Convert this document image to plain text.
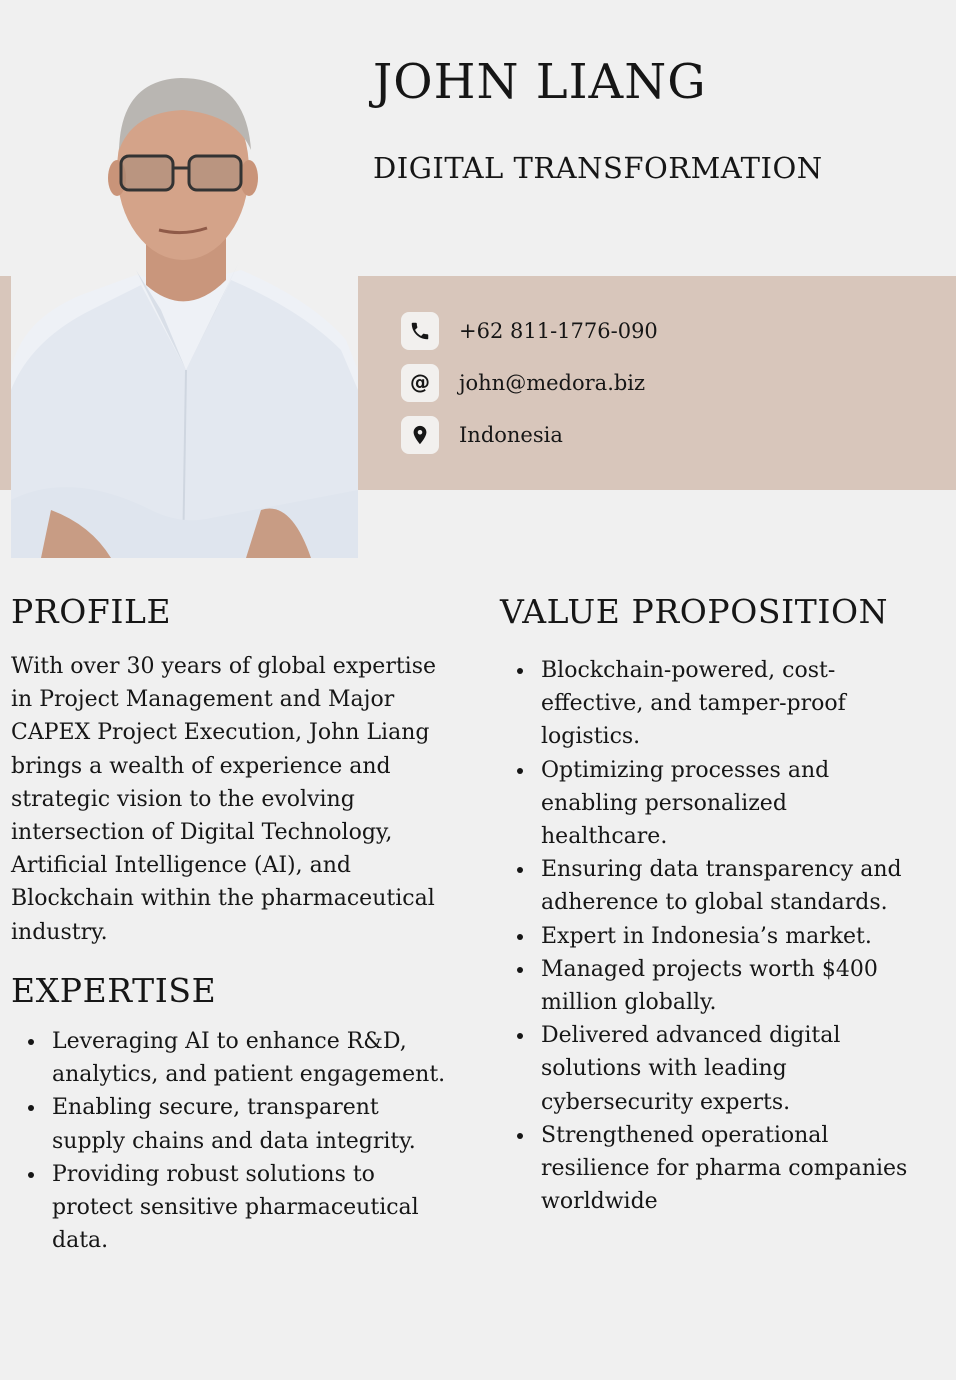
JOHN LIANG
DIGITAL TRANSFORMATION
+62 811-1776-090
@ john@medora.biz
Indonesia
PROFILE

With over 30 years of global expertise in Project Management and Major CAPEX Project Execution, John Liang brings a wealth of experience and strategic vision to the evolving intersection of Digital Technology, Artificial Intelligence (AI), and Blockchain within the pharmaceutical industry.

EXPERTISE
Leveraging AI to enhance R&D, analytics, and patient engagement.
Enabling secure, transparent supply chains and data integrity.
Providing robust solutions to protect sensitive pharmaceutical data.
VALUE PROPOSITION
Blockchain-powered, cost-effective, and tamper-proof logistics.
Optimizing processes and enabling personalized healthcare.
Ensuring data transparency and adherence to global standards.
Expert in Indonesia’s market.
Managed projects worth $400 million globally.
Delivered advanced digital solutions with leading cybersecurity experts.
Strengthened operational resilience for pharma companies worldwide
